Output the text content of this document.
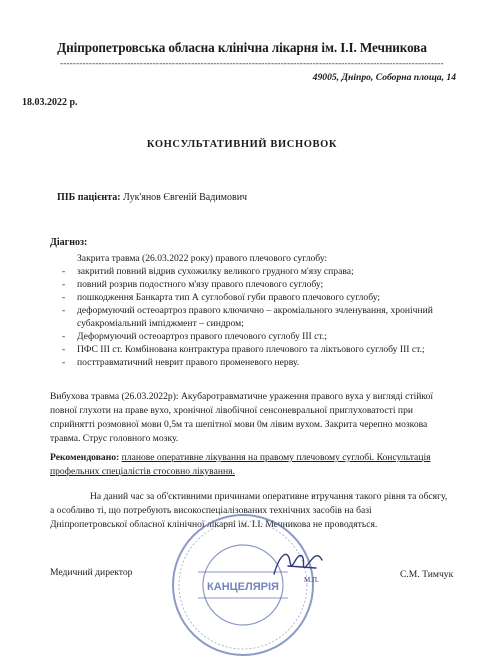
Дніпропетровська обласна клінічна лікарня ім. І.І. Мечникова
------------------------------------------------------------------------------------------------------------------------
49005, Дніпро, Соборна площа, 14
18.03.2022 р.
КОНСУЛЬТАТИВНИЙ ВИСНОВОК
ПІБ пацієнта: Лук'янов Євгеній Вадимович
Діагноз:
Закрита травма (26.03.2022 року) правого плечового суглобу:
- закритий повний відрив сухожилку великого грудного м'язу справа;
- повний розрив подостного м'язу правого плечового суглобу;
- пошкодження Банкарта тип А суглобової губи правого плечового суглобу;
- деформуючий остеоартроз правого ключично – акроміального зчленування, хронічний субакроміальний імпіджмент – синдром;
- Деформуючий остеоартроз правого плечового суглобу ІІІ ст.;
- ПФС ІІІ ст. Комбінована контрактура правого плечового та ліктьового суглобу ІІІ ст.;
- посттравматичний неврит правого променевого нерву.
Вибухова травма (26.03.2022р): Акубаротравматичне ураження правого вуха у вигляді стійкої повної глухоти на праве вухо, хронічної лівобічної сенсоневральної приглуховатості при сприйнятті розмовної мови 0,5м та шепітної мови 0м лівим вухом. Закрита черепно мозкова травма. Струс головного мозку.
Рекомендовано: планове оперативне лікування на правому плечовому суглобі. Консультація профельних спеціалістів стосовно лікування.
На даний час за об'єктивними причинами оперативне втручання такого рівня та обсягу, а особливо ті, що потребують високоспеціалізованих технічних засобів на базі Дніпропетровської обласної клінічної лікарні ім. І.І. Мечникова не проводяться.
Медичний директор	С.М. Тимчук
КАНЦЕЛЯРІЯ
М.П.
